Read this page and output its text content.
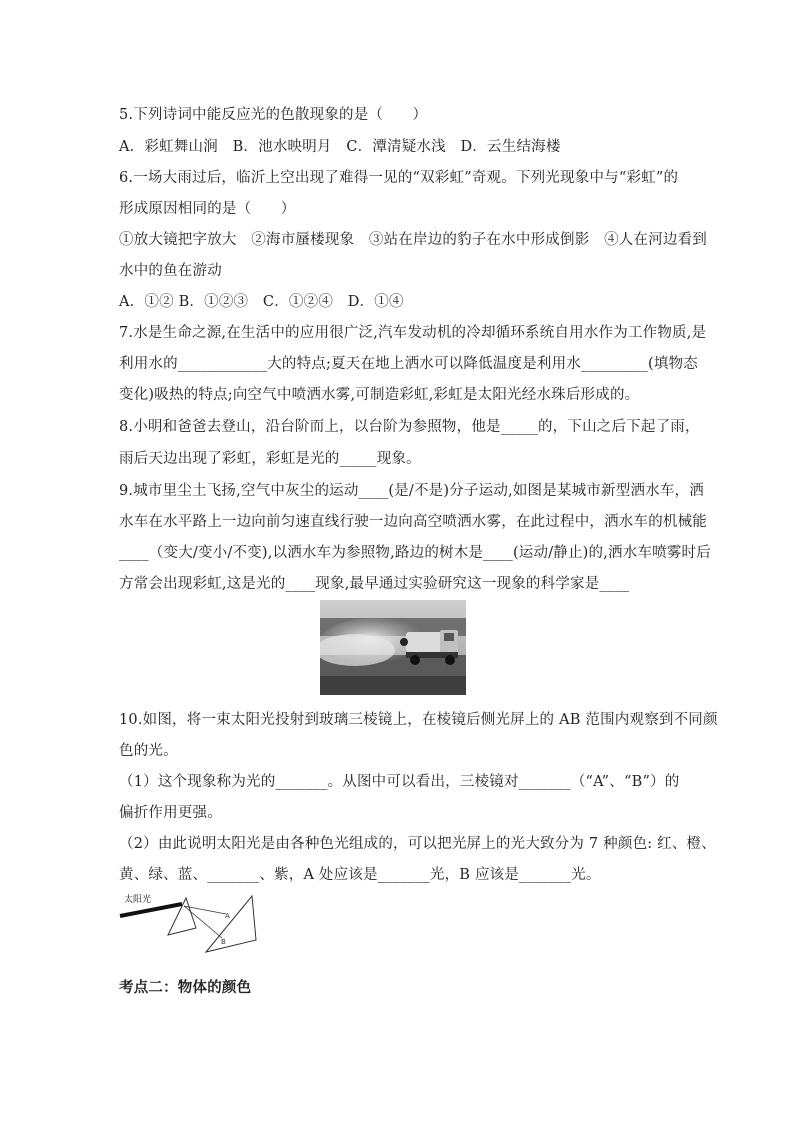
5.下列诗词中能反应光的色散现象的是（　　）
A．彩虹舞山涧　B．池水映明月　C．潭清疑水浅　D．云生结海楼
6.一场大雨过后，临沂上空出现了难得一见的“双彩虹”奇观。下列光现象中与“彩虹”的
形成原因相同的是（　　）
①放大镜把字放大　②海市蜃楼现象　③站在岸边的豹子在水中形成倒影　④人在河边看到
水中的鱼在游动
A．①② B．①②③　C．①②④　D．①④
7.水是生命之源,在生活中的应用很广泛,汽车发动机的冷却循环系统自用水作为工作物质,是
利用水的____________大的特点;夏天在地上洒水可以降低温度是利用水_________(填物态
变化)吸热的特点;向空气中喷洒水雾,可制造彩虹,彩虹是太阳光经水珠后形成的。
8.小明和爸爸去登山，沿台阶而上，以台阶为参照物，他是_____的，下山之后下起了雨，
雨后天边出现了彩虹，彩虹是光的_____现象。
9.城市里尘土飞扬,空气中灰尘的运动____(是/不是)分子运动,如图是某城市新型洒水车，洒
水车在水平路上一边向前匀速直线行驶一边向高空喷洒水雾，在此过程中，洒水车的机械能
____（变大/变小/不变),以洒水车为参照物,路边的树木是____(运动/静止)的,洒水车喷雾时后
方常会出现彩虹,这是光的____现象,最早通过实验研究这一现象的科学家是____
10.如图，将一束太阳光投射到玻璃三棱镜上，在棱镜后侧光屏上的 AB 范围内观察到不同颜
色的光。
（1）这个现象称为光的_______。从图中可以看出，三棱镜对_______（“A”、“B”）的
偏折作用更强。
（2）由此说明太阳光是由各种色光组成的，可以把光屏上的光大致分为 7 种颜色: 红、橙、
黄、绿、蓝、_______、紫，A 处应该是_______光，B 应该是_______光。
太阳光
A
B
考点二：物体的颜色
